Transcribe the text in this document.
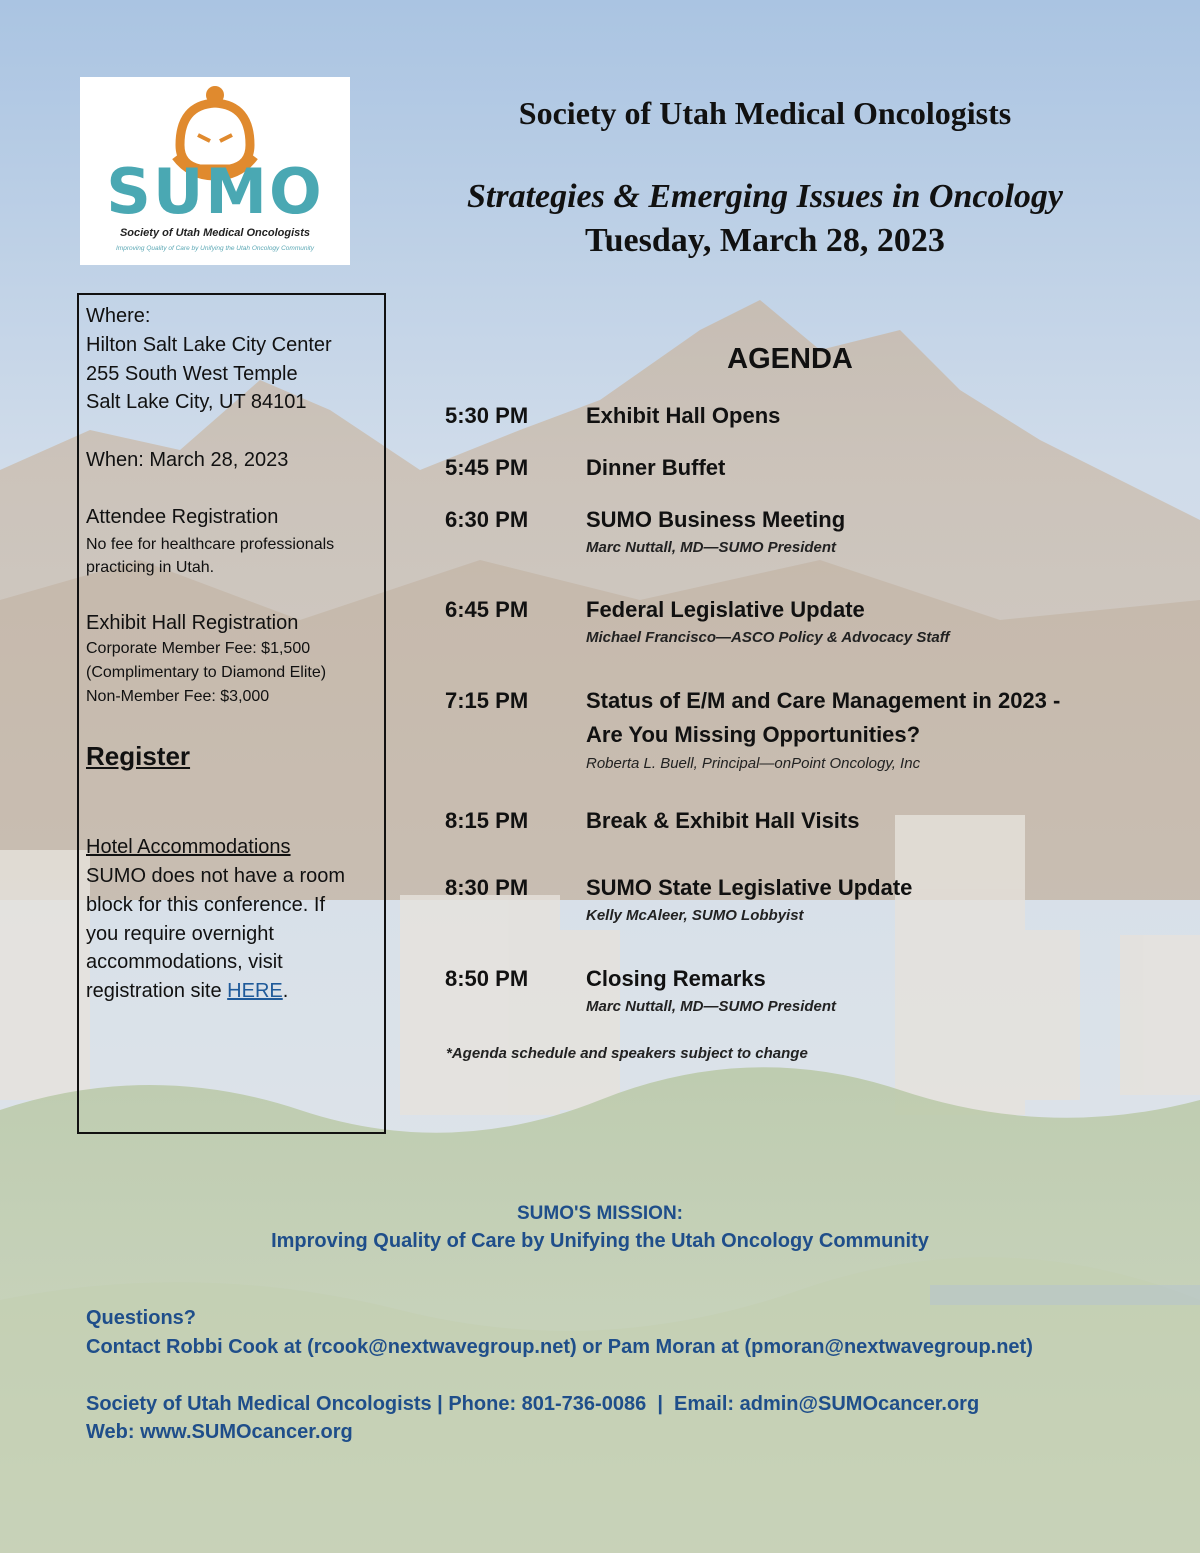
SUMO
Society of Utah Medical Oncologists
Improving Quality of Care by Unifying the Utah Oncology Community
Society of Utah Medical Oncologists
Strategies & Emerging Issues in Oncology
Tuesday, March 28, 2023
Where:
Hilton Salt Lake City Center
255 South West Temple
Salt Lake City, UT 84101
When: March 28, 2023
Attendee Registration
No fee for healthcare professionals
practicing in Utah.
Exhibit Hall Registration
Corporate Member Fee: $1,500
(Complimentary to Diamond Elite)
Non-Member Fee: $3,000
Register
Hotel Accommodations
SUMO does not have a room
block for this conference. If
you require overnight
accommodations, visit
registration site HERE.
AGENDA
5:30 PM	Exhibit Hall Opens
5:45 PM	Dinner Buffet
6:30 PM	SUMO Business Meeting
Marc Nuttall, MD—SUMO President
6:45 PM	Federal Legislative Update
Michael Francisco—ASCO Policy & Advocacy Staff
7:15 PM	Status of E/M and Care Management in 2023 -
Are You Missing Opportunities?
Roberta L. Buell, Principal—onPoint Oncology, Inc
8:15 PM	Break & Exhibit Hall Visits
8:30 PM	SUMO State Legislative Update
Kelly McAleer, SUMO Lobbyist
8:50 PM	Closing Remarks
Marc Nuttall, MD—SUMO President
*Agenda schedule and speakers subject to change
SUMO'S MISSION:
Improving Quality of Care by Unifying the Utah Oncology Community
Questions?
Contact Robbi Cook at (rcook@nextwavegroup.net) or Pam Moran at (pmoran@nextwavegroup.net)
Society of Utah Medical Oncologists | Phone: 801-736-0086  |  Email: admin@SUMOcancer.org
Web: www.SUMOcancer.org
